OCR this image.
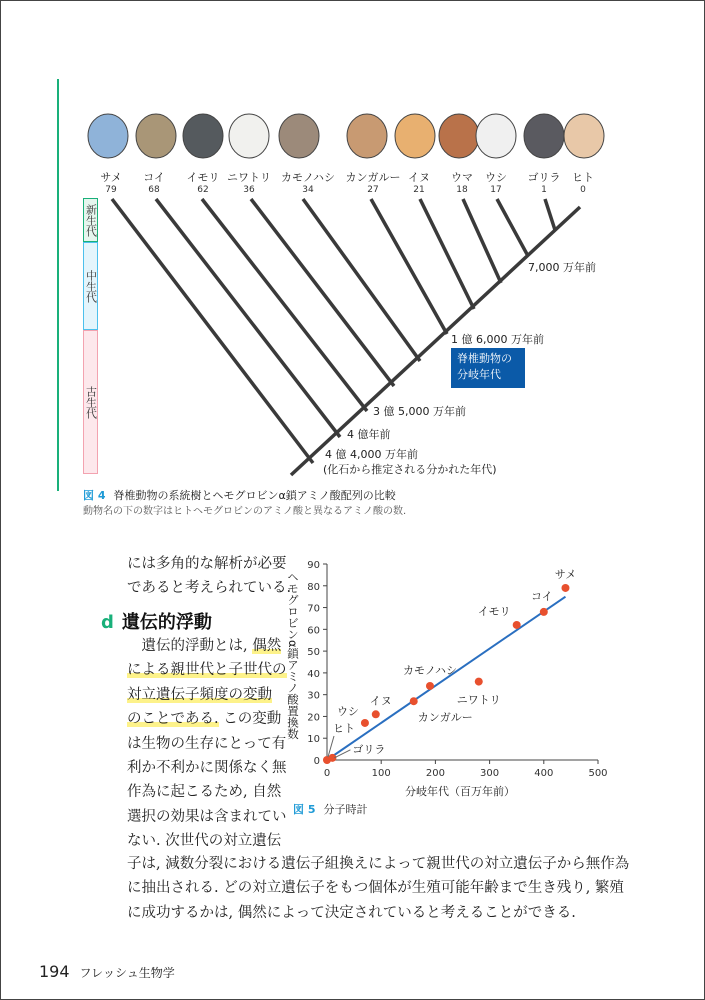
サメ
79
コイ
68
イモリ
62
ニワトリ
36
カモノハシ
34
カンガルー
27
イヌ
21
ウマ
18
ウシ
17
ゴリラ
1
ヒト
0
新生代
中生代
古生代
7,000 万年前
1 億 6,000 万年前
脊椎動物の
分岐年代
3 億 5,000 万年前
4 億年前
4 億 4,000 万年前
(化石から推定される分かれた年代)
図 4 脊椎動物の系統樹とヘモグロビンα鎖アミノ酸配列の比較
動物名の下の数字はヒトヘモグロビンのアミノ酸と異なるアミノ酸の数.
には多角的な解析が必要
であると考えられている.
d 遺伝的浮動
　遺伝的浮動とは, 偶然
による親世代と子世代の
対立遺伝子頻度の変動
のことである. この変動
は生物の生存にとって有
利か不利かに関係なく無
作為に起こるため, 自然
選択の効果は含まれてい
ない. 次世代の対立遺伝
子は, 減数分裂における遺伝子組換えによって親世代の対立遺伝子から無作為
に抽出される. どの対立遺伝子をもつ個体が生殖可能年齢まで生き残り, 繁殖
に成功するかは, 偶然によって決定されていると考えることができる.
0
10
20
30
40
50
60
70
80
90
0	100	200	300	400	500
ヒト
ゴリラ
ウシ
イヌ
カンガルー
カモノハシ
ニワトリ
イモリ
コイ
サメ
ヘモグロビンα鎖アミノ酸置換数
分岐年代（百万年前）
図 5 分子時計
194 フレッシュ生物学
